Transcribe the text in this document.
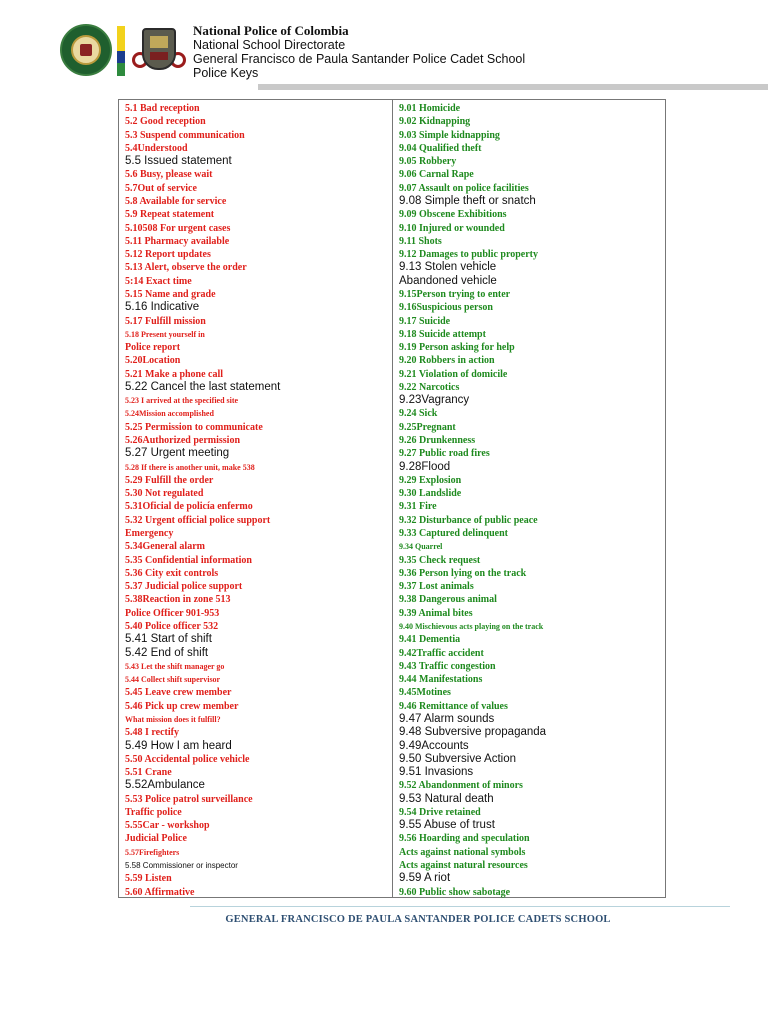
National Police of Colombia
National School Directorate
General Francisco de Paula Santander Police Cadet School
Police Keys
5.1 Bad reception
5.2 Good reception
5.3 Suspend communication
5.4Understood
5.5 Issued statement
5.6 Busy, please wait
5.7Out of service
5.8 Available for service
5.9 Repeat statement
5.10508 For urgent cases
5.11 Pharmacy available
5.12 Report updates
5.13 Alert, observe the order
5:14 Exact time
5.15 Name and grade
5.16 Indicative
5.17 Fulfill mission
5.18 Present yourself in
Police report
5.20Location
5.21 Make a phone call
5.22 Cancel the last statement
5.23 I arrived at the specified site
5.24Mission accomplished
5.25 Permission to communicate
5.26Authorized permission
5.27 Urgent meeting
5.28 If there is another unit, make 538
5.29 Fulfill the order
5.30 Not regulated
5.31Oficial de policía enfermo
5.32 Urgent official police support
Emergency
5.34General alarm
5.35 Confidential information
5.36 City exit controls
5.37 Judicial police support
5.38Reaction in zone 513
Police Officer 901-953
5.40 Police officer 532
5.41 Start of shift
5.42 End of shift
5.43 Let the shift manager go
5.44 Collect shift supervisor
5.45 Leave crew member
5.46 Pick up crew member
What mission does it fulfill?
5.48 I rectify
5.49 How I am heard
5.50 Accidental police vehicle
5.51 Crane
5.52Ambulance
5.53 Police patrol surveillance
Traffic police
5.55Car - workshop
Judicial Police
5.57Firefighters
5.58 Commissioner or inspector
5.59 Listen
5.60 Affirmative
9.01 Homicide
9.02 Kidnapping
9.03 Simple kidnapping
9.04 Qualified theft
9.05 Robbery
9.06 Carnal Rape
9.07 Assault on police facilities
9.08 Simple theft or snatch
9.09 Obscene Exhibitions
9.10 Injured or wounded
9.11 Shots
9.12 Damages to public property
9.13 Stolen vehicle
Abandoned vehicle
9.15Person trying to enter
9.16Suspicious person
9.17 Suicide
9.18 Suicide attempt
9.19 Person asking for help
9.20 Robbers in action
9.21 Violation of domicile
9.22 Narcotics
9.23Vagrancy
9.24 Sick
9.25Pregnant
9.26 Drunkenness
9.27 Public road fires
9.28Flood
9.29 Explosion
9.30 Landslide
9.31 Fire
9.32 Disturbance of public peace
9.33 Captured delinquent
9.34 Quarrel
9.35 Check request
9.36 Person lying on the track
9.37 Lost animals
9.38 Dangerous animal
9.39 Animal bites
9.40 Mischievous acts playing on the track
9.41 Dementia
9.42Traffic accident
9.43 Traffic congestion
9.44 Manifestations
9.45Motines
9.46 Remittance of values
9.47 Alarm sounds
9.48 Subversive propaganda
9.49Accounts
9.50 Subversive Action
9.51 Invasions
9.52 Abandonment of minors
9.53 Natural death
9.54 Drive retained
9.55 Abuse of trust
9.56 Hoarding and speculation
Acts against national symbols
Acts against natural resources
9.59 A riot
9.60 Public show sabotage
GENERAL FRANCISCO DE PAULA SANTANDER POLICE CADETS SCHOOL
